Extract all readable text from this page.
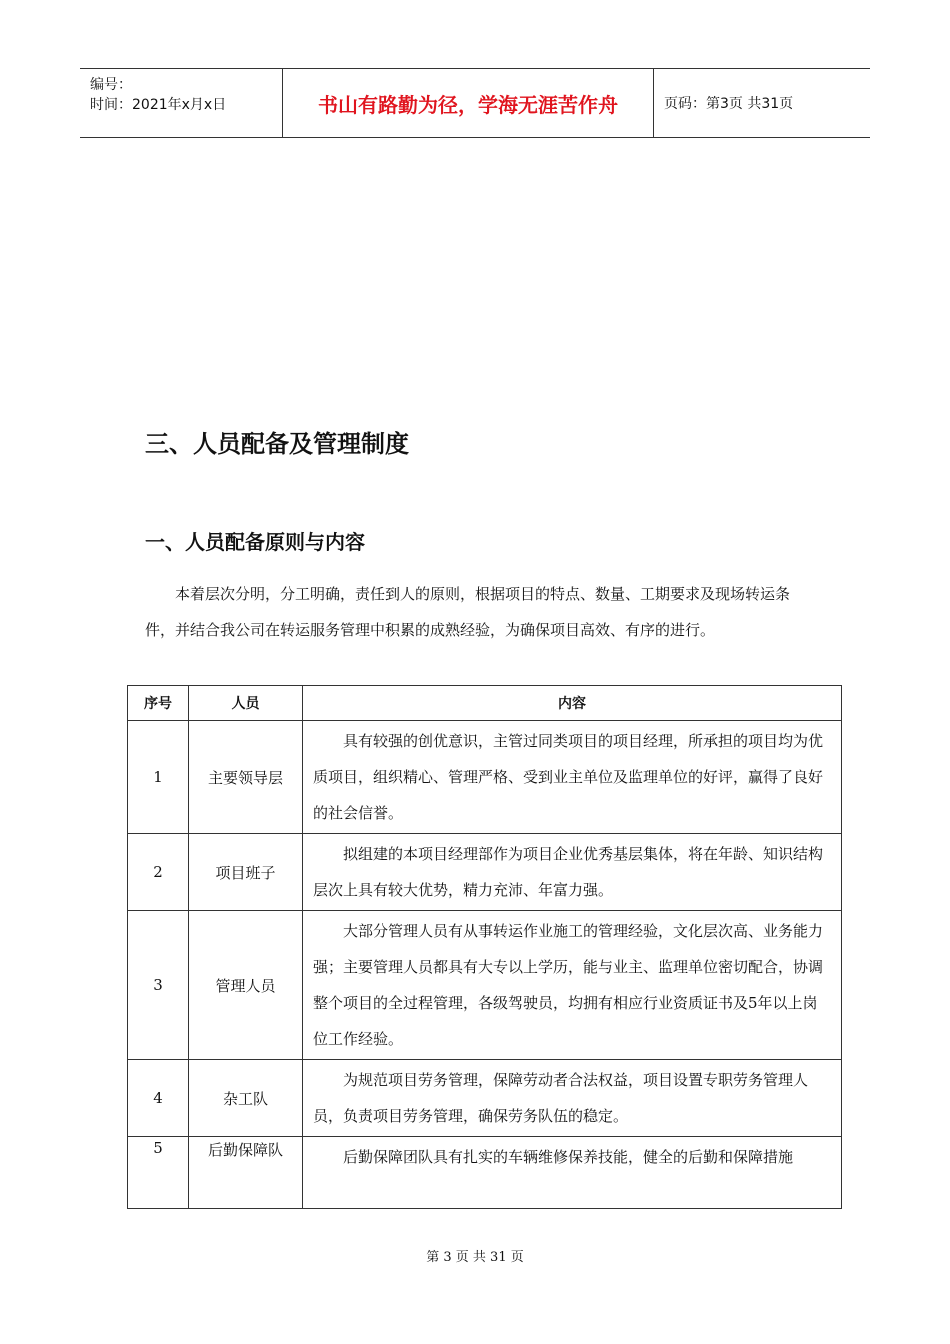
编号：
时间：2021年x月x日	书山有路勤为径，学海无涯苦作舟	页码：第3页 共31页
三、人员配备及管理制度
一、人员配备原则与内容
本着层次分明，分工明确，责任到人的原则，根据项目的特点、数量、工期要求及现场转运条件，并结合我公司在转运服务管理中积累的成熟经验，为确保项目高效、有序的进行。
序号	人员	内容
1	主要领导层	具有较强的创优意识，主管过同类项目的项目经理，所承担的项目均为优质项目，组织精心、管理严格、受到业主单位及监理单位的好评，赢得了良好的社会信誉。
2	项目班子	拟组建的本项目经理部作为项目企业优秀基层集体，将在年龄、知识结构层次上具有较大优势，精力充沛、年富力强。
3	管理人员	大部分管理人员有从事转运作业施工的管理经验，文化层次高、业务能力强；主要管理人员都具有大专以上学历，能与业主、监理单位密切配合，协调整个项目的全过程管理，各级驾驶员，均拥有相应行业资质证书及5年以上岗位工作经验。
4	杂工队	为规范项目劳务管理，保障劳动者合法权益，项目设置专职劳务管理人员，负责项目劳务管理，确保劳务队伍的稳定。
5	后勤保障队	后勤保障团队具有扎实的车辆维修保养技能，健全的后勤和保障措施
第 3 页 共 31 页
